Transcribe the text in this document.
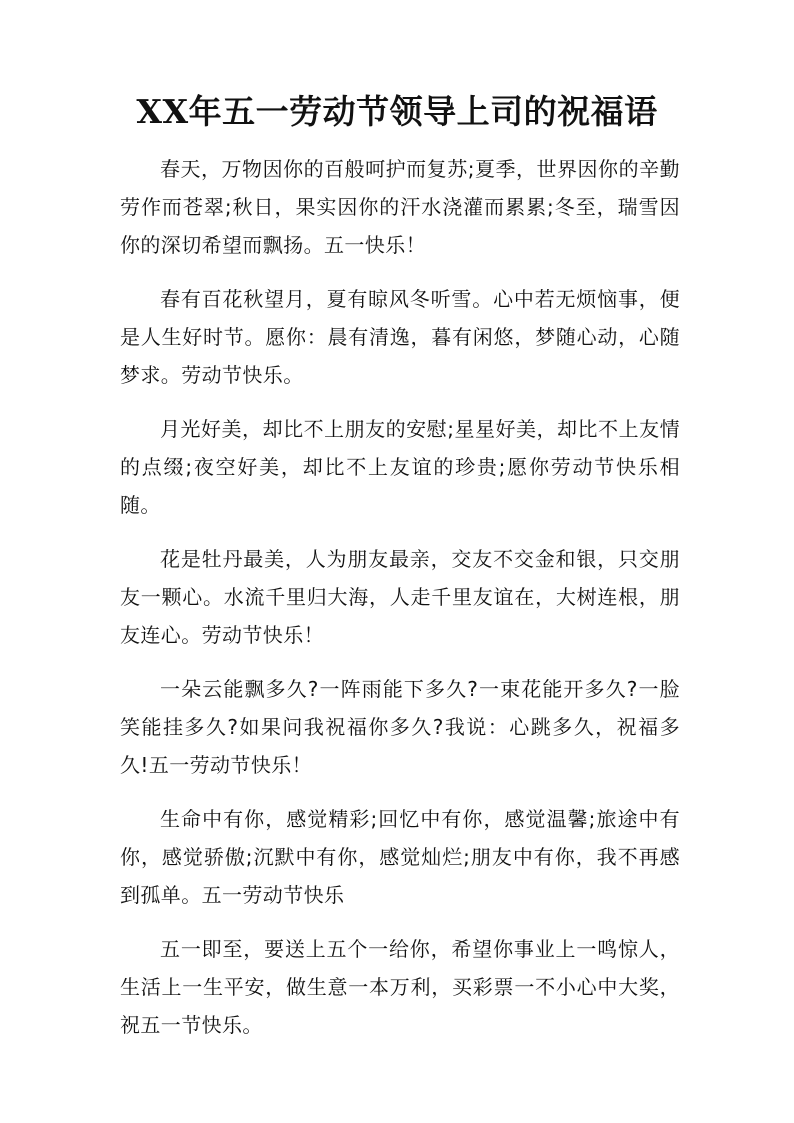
XX年五一劳动节领导上司的祝福语

春天，万物因你的百般呵护而复苏;夏季，世界因你的辛勤劳作而苍翠;秋日，果实因你的汗水浇灌而累累;冬至，瑞雪因你的深切希望而飘扬。五一快乐！

春有百花秋望月，夏有晾风冬听雪。心中若无烦恼事，便是人生好时节。愿你：晨有清逸，暮有闲悠，梦随心动，心随梦求。劳动节快乐。

月光好美，却比不上朋友的安慰;星星好美，却比不上友情的点缀;夜空好美，却比不上友谊的珍贵;愿你劳动节快乐相随。

花是牡丹最美，人为朋友最亲，交友不交金和银，只交朋友一颗心。水流千里归大海，人走千里友谊在，大树连根，朋友连心。劳动节快乐！

一朵云能飘多久?一阵雨能下多久?一束花能开多久?一脸笑能挂多久?如果问我祝福你多久?我说：心跳多久，祝福多久!五一劳动节快乐！

生命中有你，感觉精彩;回忆中有你，感觉温馨;旅途中有你，感觉骄傲;沉默中有你，感觉灿烂;朋友中有你，我不再感到孤单。五一劳动节快乐

五一即至，要送上五个一给你，希望你事业上一鸣惊人，生活上一生平安，做生意一本万利，买彩票一不小心中大奖，祝五一节快乐。
